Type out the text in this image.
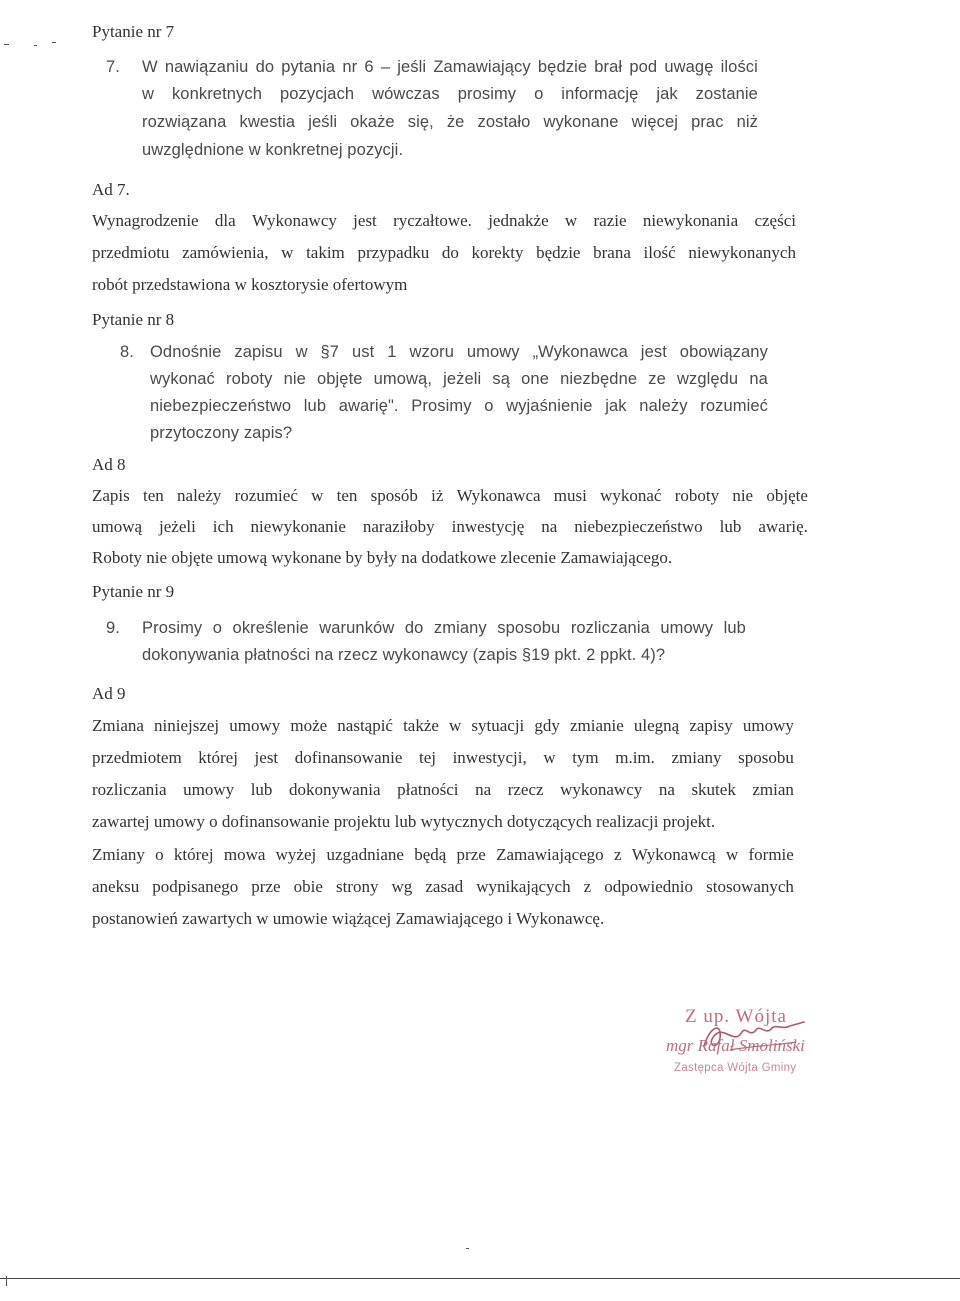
Pytanie nr 7
7. W nawiązaniu do pytania nr 6 – jeśli Zamawiający będzie brał pod uwagę ilości
w konkretnych pozycjach wówczas prosimy o informację jak zostanie
rozwiązana kwestia jeśli okaże się, że zostało wykonane więcej prac niż
uwzględnione w konkretnej pozycji.
Ad 7.
Wynagrodzenie dla Wykonawcy jest ryczałtowe. jednakże w razie niewykonania części
przedmiotu zamówienia, w takim przypadku do korekty będzie brana ilość niewykonanych
robót przedstawiona w kosztorysie ofertowym
Pytanie nr 8
8. Odnośnie zapisu w §7 ust 1 wzoru umowy „Wykonawca jest obowiązany
wykonać roboty nie objęte umową, jeżeli są one niezbędne ze względu na
niebezpieczeństwo lub awarię". Prosimy o wyjaśnienie jak należy rozumieć
przytoczony zapis?
Ad 8
Zapis ten należy rozumieć w ten sposób iż Wykonawca musi wykonać roboty nie objęte
umową jeżeli ich niewykonanie naraziłoby inwestycję na niebezpieczeństwo lub awarię.
Roboty nie objęte umową wykonane by były na dodatkowe zlecenie Zamawiającego.
Pytanie nr 9
9. Prosimy o określenie warunków do zmiany sposobu rozliczania umowy lub
dokonywania płatności na rzecz wykonawcy (zapis §19 pkt. 2 ppkt. 4)?
Ad 9
Zmiana niniejszej umowy może nastąpić także w sytuacji gdy zmianie ulegną zapisy umowy
przedmiotem której jest dofinansowanie tej inwestycji, w tym m.im. zmiany sposobu
rozliczania umowy lub dokonywania płatności na rzecz wykonawcy na skutek zmian
zawartej umowy o dofinansowanie projektu lub wytycznych dotyczących realizacji projekt.
Zmiany o której mowa wyżej uzgadniane będą prze Zamawiającego z Wykonawcą w formie
aneksu podpisanego prze obie strony wg zasad wynikających z odpowiednio stosowanych
postanowień zawartych w umowie wiążącej Zamawiającego i Wykonawcę.
Z up. Wójta
mgr Rafał Smoliński
Zastępca Wójta Gminy
